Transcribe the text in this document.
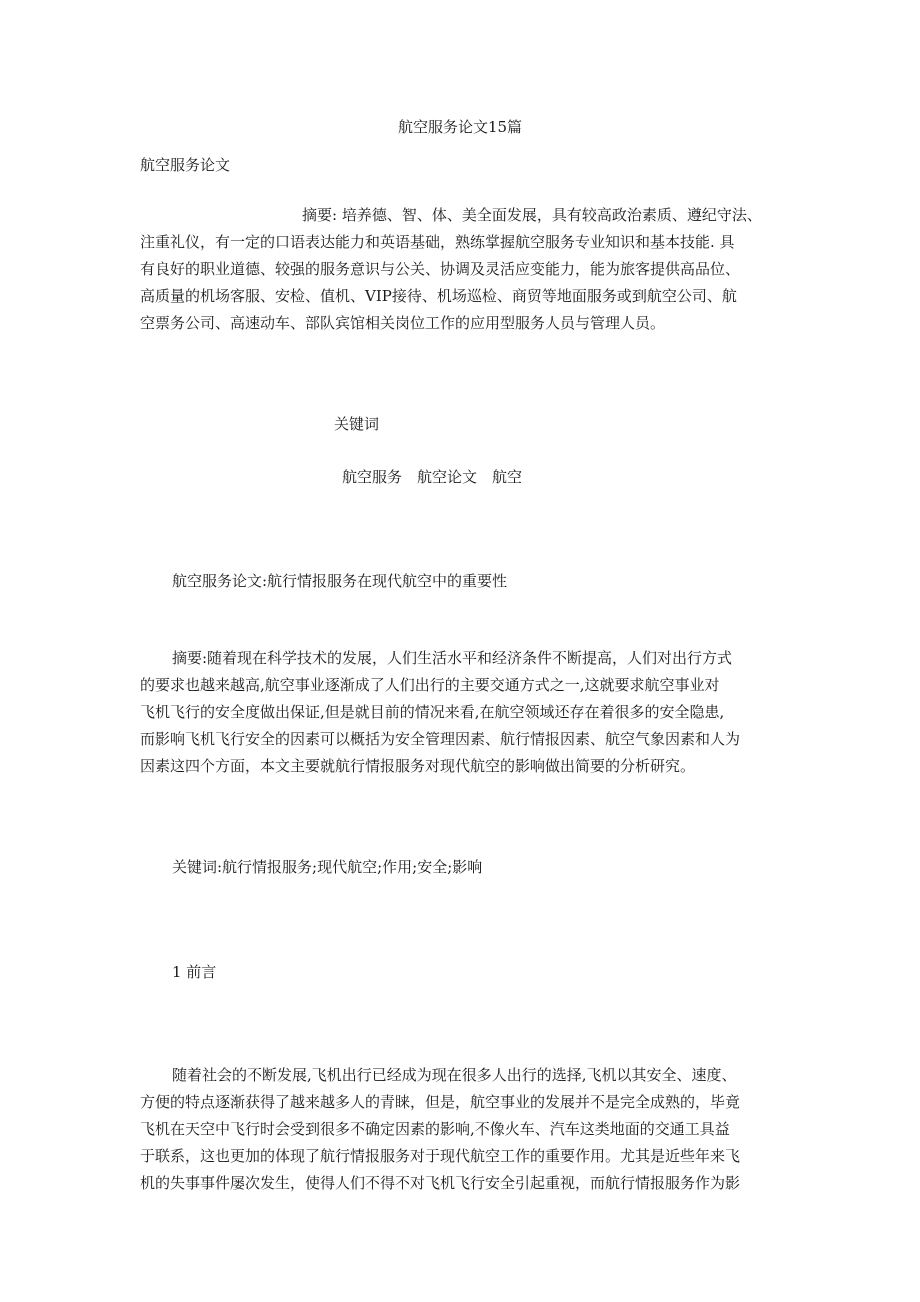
航空服务论文15篇

航空服务论文

摘要: 培养德、智、体、美全面发展，具有较高政治素质、遵纪守法、
注重礼仪，有一定的口语表达能力和英语基础，熟练掌握航空服务专业知识和基本技能. 具
有良好的职业道德、较强的服务意识与公关、协调及灵活应变能力，能为旅客提供高品位、
高质量的机场客服、安检、值机、VIP接待、机场巡检、商贸等地面服务或到航空公司、航
空票务公司、高速动车、部队宾馆相关岗位工作的应用型服务人员与管理人员。

关键词

航空服务　航空论文　航空

航空服务论文:航行情报服务在现代航空中的重要性

摘要:随着现在科学技术的发展，人们生活水平和经济条件不断提高，人们对出行方式
的要求也越来越高,航空事业逐渐成了人们出行的主要交通方式之一,这就要求航空事业对
飞机飞行的安全度做出保证,但是就目前的情况来看,在航空领域还存在着很多的安全隐患,
而影响飞机飞行安全的因素可以概括为安全管理因素、航行情报因素、航空气象因素和人为
因素这四个方面，本文主要就航行情报服务对现代航空的影响做出简要的分析研究。

关键词:航行情报服务;现代航空;作用;安全;影响

1 前言

随着社会的不断发展,飞机出行已经成为现在很多人出行的选择,飞机以其安全、速度、
方便的特点逐渐获得了越来越多人的青睐，但是，航空事业的发展并不是完全成熟的，毕竟
飞机在天空中飞行时会受到很多不确定因素的影响,不像火车、汽车这类地面的交通工具益
于联系，这也更加的体现了航行情报服务对于现代航空工作的重要作用。尤其是近些年来飞
机的失事事件屡次发生，使得人们不得不对飞机飞行安全引起重视，而航行情报服务作为影
